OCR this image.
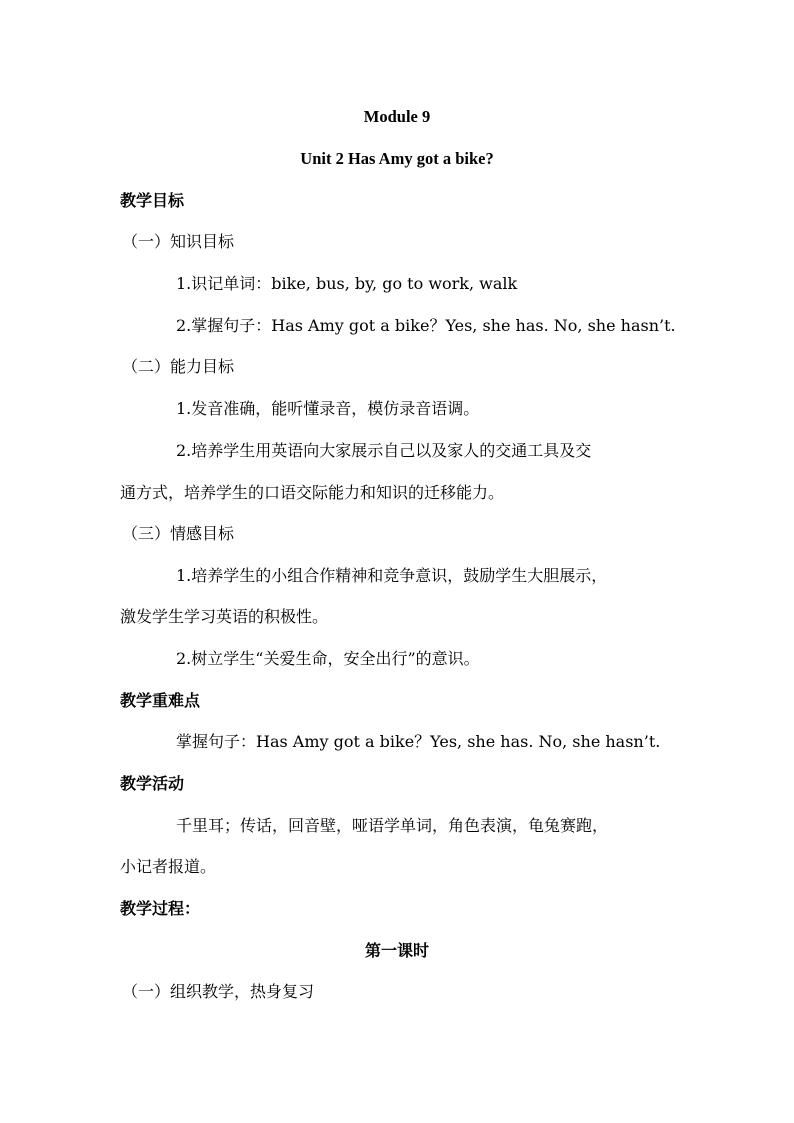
Module 9
Unit 2 Has Amy got a bike?
教学目标
（一）知识目标
1.识记单词：bike, bus, by, go to work, walk
2.掌握句子：Has Amy got a bike？Yes, she has. No, she hasn’t.
（二）能力目标
1.发音准确，能听懂录音，模仿录音语调。
2.培养学生用英语向大家展示自己以及家人的交通工具及交
通方式，培养学生的口语交际能力和知识的迁移能力。
（三）情感目标
1.培养学生的小组合作精神和竞争意识，鼓励学生大胆展示，
激发学生学习英语的积极性。
2.树立学生“关爱生命，安全出行”的意识。
教学重难点
掌握句子：Has Amy got a bike？Yes, she has. No, she hasn’t.
教学活动
千里耳；传话，回音壁，哑语学单词，角色表演，龟兔赛跑，
小记者报道。
教学过程：
第一课时
（一）组织教学，热身复习
